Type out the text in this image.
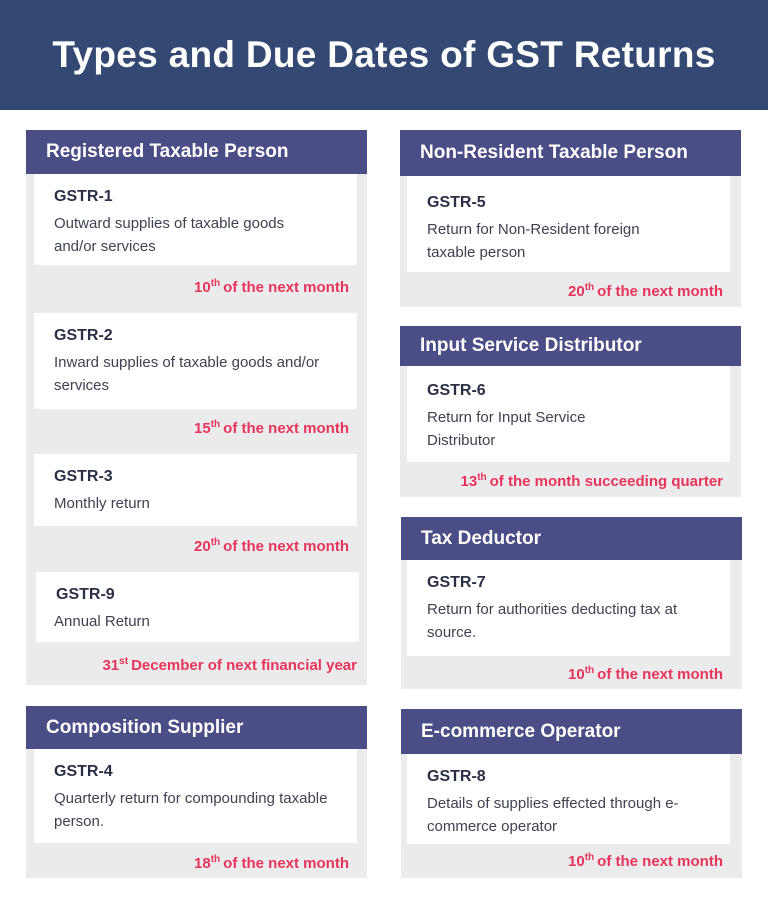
Types and Due Dates of GST Returns
Registered Taxable Person
GSTR-1
Outward supplies of taxable goods and/or services
10th of the next month
GSTR-2
Inward supplies of taxable goods and/or services
15th of the next month
GSTR-3
Monthly return
20th of the next month
GSTR-9
Annual Return
31st December of next financial year
Composition Supplier
GSTR-4
Quarterly return for compounding taxable person.
18th of the next month
Non-Resident Taxable Person
GSTR-5
Return for Non-Resident foreign taxable person
20th of the next month
Input Service Distributor
GSTR-6
Return for Input Service Distributor
13th of the month succeeding quarter
Tax Deductor
GSTR-7
Return for authorities deducting tax at source.
10th of the next month
E-commerce Operator
GSTR-8
Details of supplies effected through e-commerce operator
10th of the next month
